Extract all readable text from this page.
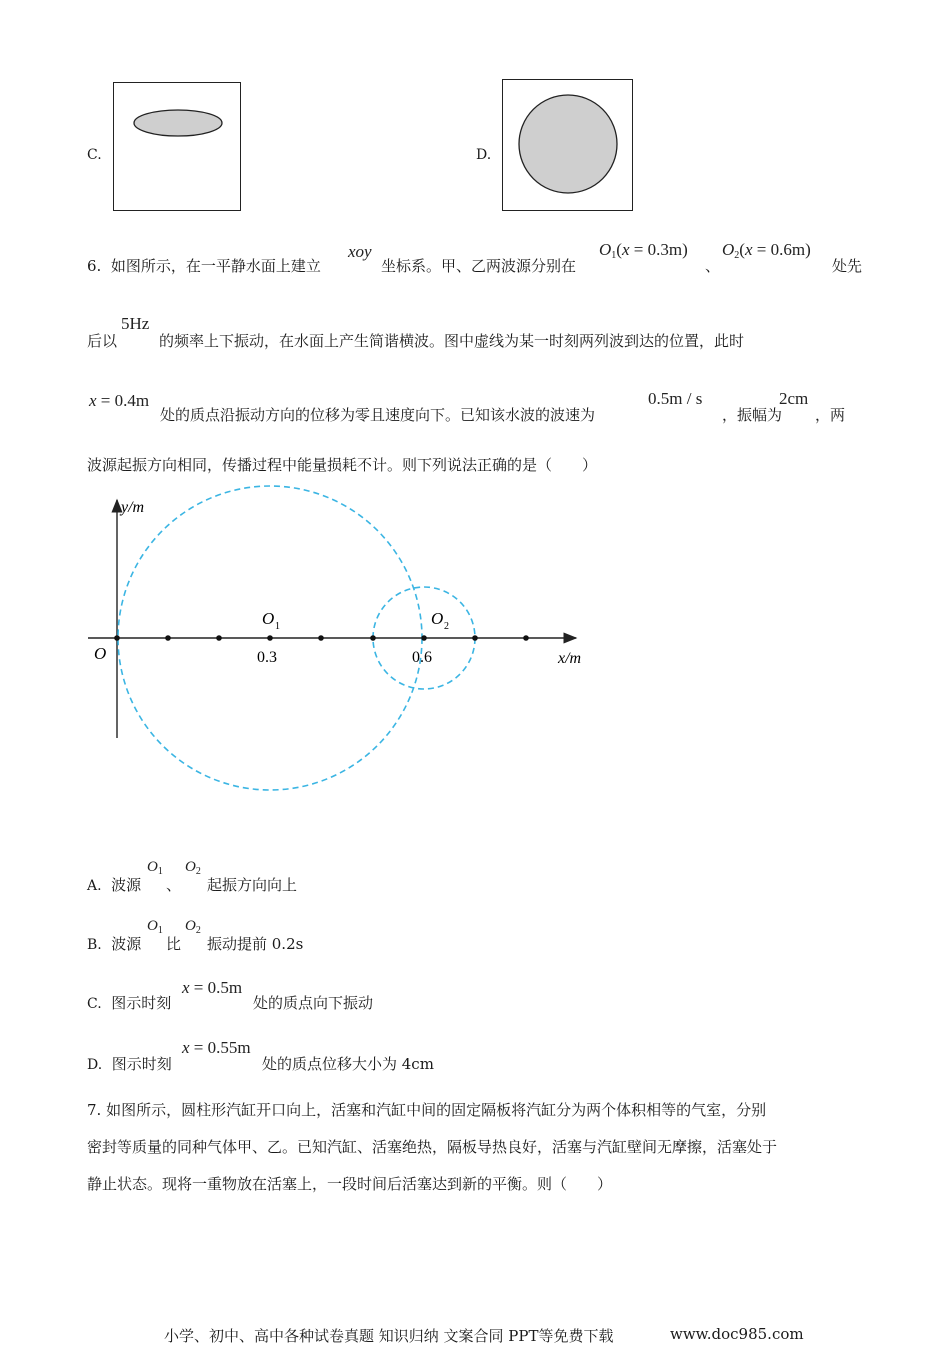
C.	D.
6. 如图所示，在一平静水面上建立
xoy
坐标系。甲、乙两波源分别在
$O_1(x = 0.3m)$
、
$O_2(x = 0.6m)$
处先
后以
5Hz
的频率上下振动，在水面上产生简谐横波。图中虚线为某一时刻两列波到达的位置，此时
x = 0.4m
处的质点沿振动方向的位移为零且速度向下。已知该水波的波速为
0.5m / s
，振幅为
2cm
，两
波源起振方向相同，传播过程中能量损耗不计。则下列说法正确的是（　　）
y/m
x/m
O
O 1	O 2
0.3	0.6
A. 波源
$O_1$
、
$O_2$
起振方向向上
B. 波源
$O_1$
比
$O_2$
振动提前 0.2s
C. 图示时刻
x = 0.5m
处的质点向下振动
D. 图示时刻
x = 0.55m
处的质点位移大小为 4cm
7. 如图所示，圆柱形汽缸开口向上，活塞和汽缸中间的固定隔板将汽缸分为两个体积相等的气室，分别
密封等质量的同种气体甲、乙。已知汽缸、活塞绝热，隔板导热良好，活塞与汽缸壁间无摩擦，活塞处于
静止状态。现将一重物放在活塞上，一段时间后活塞达到新的平衡。则（　　）
小学、初中、高中各种试卷真题 知识归纳 文案合同 PPT等免费下载	www.doc985.com
